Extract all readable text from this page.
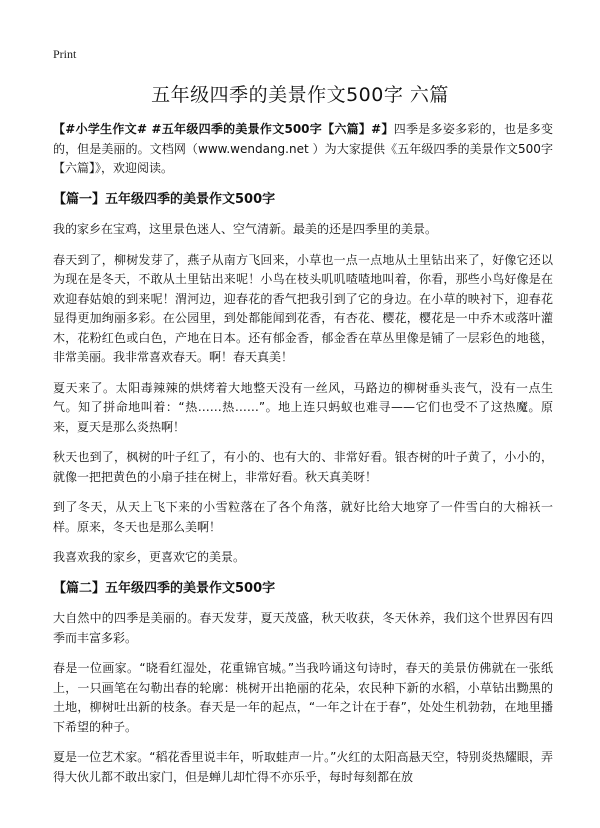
Print
五年级四季的美景作文500字 六篇

【#小学生作文# #五年级四季的美景作文500字【六篇】#】四季是多姿多彩的，也是多变的，但是美丽的。文档网（www.wendang.net ）为大家提供《五年级四季的美景作文500字【六篇】》，欢迎阅读。

【篇一】五年级四季的美景作文500字

我的家乡在宝鸡，这里景色迷人、空气清新。最美的还是四季里的美景。

春天到了，柳树发芽了，燕子从南方飞回来，小草也一点一点地从土里钻出来了，好像它还以为现在是冬天，不敢从土里钻出来呢！小鸟在枝头叽叽喳喳地叫着，你看，那些小鸟好像是在欢迎春姑娘的到来呢！渭河边，迎春花的香气把我引到了它的身边。在小草的映衬下，迎春花显得更加绚丽多彩。在公园里，到处都能闻到花香，有杏花、樱花，樱花是一中乔木或落叶灌木，花粉红色或白色，产地在日本。还有郁金香，郁金香在草丛里像是铺了一层彩色的地毯，非常美丽。我非常喜欢春天。啊！春天真美！

夏天来了。太阳毒辣辣的烘烤着大地整天没有一丝风，马路边的柳树垂头丧气，没有一点生气。知了拼命地叫着：“热……热……”。地上连只蚂蚁也难寻——它们也受不了这热魔。原来，夏天是那么炎热啊！

秋天也到了，枫树的叶子红了，有小的、也有大的、非常好看。银杏树的叶子黄了，小小的，就像一把把黄色的小扇子挂在树上，非常好看。秋天真美呀！

到了冬天，从天上飞下来的小雪粒落在了各个角落，就好比给大地穿了一件雪白的大棉袄一样。原来，冬天也是那么美啊！

我喜欢我的家乡，更喜欢它的美景。

【篇二】五年级四季的美景作文500字

大自然中的四季是美丽的。春天发芽，夏天茂盛，秋天收获，冬天休养，我们这个世界因有四季而丰富多彩。

春是一位画家。“晓看红湿处，花重锦官城。”当我吟诵这句诗时，春天的美景仿佛就在一张纸上，一只画笔在勾勒出春的轮廓：桃树开出艳丽的花朵，农民种下新的水稻，小草钻出黝黑的土地，柳树吐出新的枝条。春天是一年的起点，“一年之计在于春”，处处生机勃勃，在地里播下希望的种子。

夏是一位艺术家。“稻花香里说丰年，听取蛙声一片。”火红的太阳高悬天空，特别炎热耀眼，弄得大伙儿都不敢出家门，但是蝉儿却忙得不亦乐乎，每时每刻都在放
